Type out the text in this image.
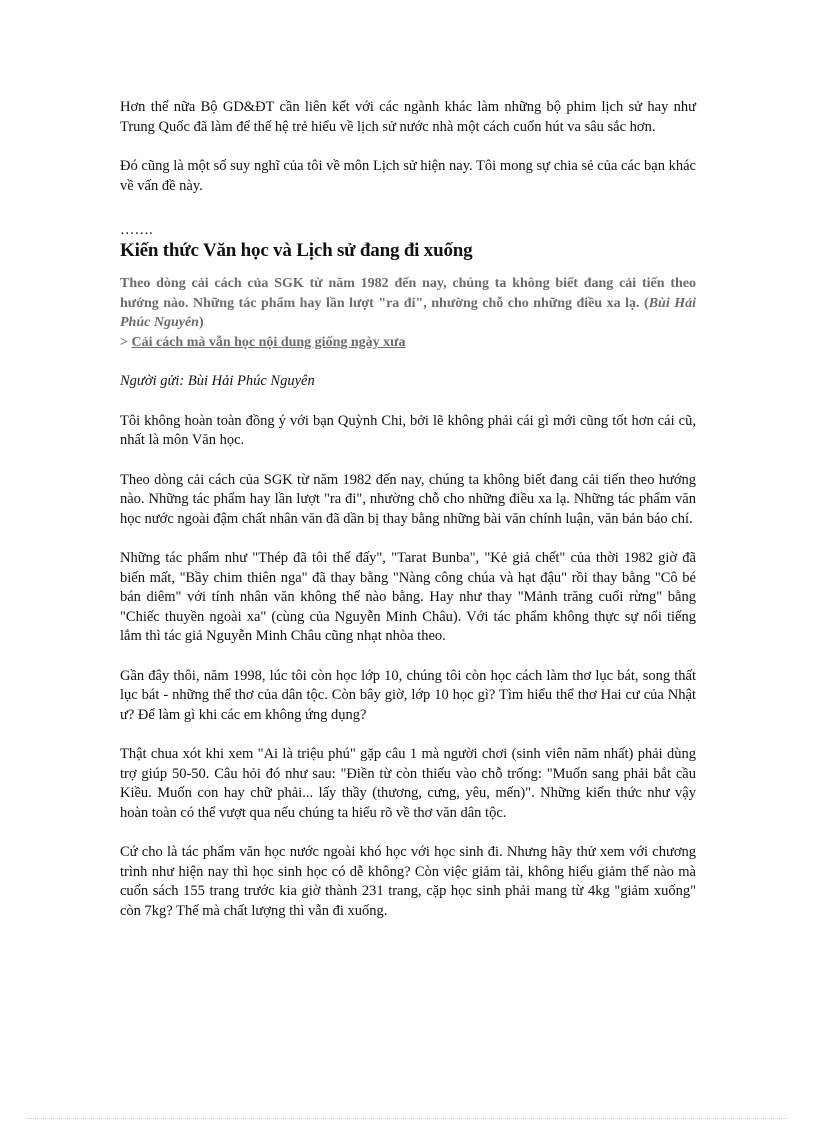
Hơn thế nữa Bộ GD&ĐT cần liên kết với các ngành khác làm những bộ phim lịch sử hay như Trung Quốc đã làm để thế hệ trẻ hiểu về lịch sử nước nhà một cách cuốn hút va sâu sắc hơn.

Đó cũng là một số suy nghĩ của tôi về môn Lịch sử hiện nay. Tôi mong sự chia sẻ của các bạn khác về vấn đề này.

…….
Kiến thức Văn học và Lịch sử đang đi xuống

Theo dòng cải cách của SGK từ năm 1982 đến nay, chúng ta không biết đang cải tiến theo hướng nào. Những tác phẩm hay lần lượt "ra đi", nhường chỗ cho những điều xa lạ. (Bùi Hải Phúc Nguyên)

> Cải cách mà vẫn học nội dung giống ngày xưa

Người gửi: Bùi Hải Phúc Nguyên

Tôi không hoàn toàn đồng ý với bạn Quỳnh Chi, bởi lẽ không phải cái gì mới cũng tốt hơn cái cũ, nhất là môn Văn học.

Theo dòng cải cách của SGK từ năm 1982 đến nay, chúng ta không biết đang cải tiến theo hướng nào. Những tác phẩm hay lần lượt "ra đi", nhường chỗ cho những điều xa lạ. Những tác phẩm văn học nước ngoài đậm chất nhân văn đã dần bị thay bằng những bài văn chính luận, văn bản báo chí.

Những tác phẩm như "Thép đã tôi thế đấy", "Tarat Bunba", "Kẻ giả chết" của thời 1982 giờ đã biến mất, "Bầy chim thiên nga" đã thay bằng "Nàng công chúa và hạt đậu" rồi thay bằng "Cô bé bán diêm" với tính nhân văn không thể nào bằng. Hay như thay "Mảnh trăng cuối rừng" bằng "Chiếc thuyền ngoài xa" (cùng của Nguyễn Minh Châu). Với tác phẩm không thực sự nổi tiếng lắm thì tác giả Nguyễn Minh Châu cũng nhạt nhòa theo.

Gần đây thôi, năm 1998, lúc tôi còn học lớp 10, chúng tôi còn học cách làm thơ lục bát, song thất lục bát - những thể thơ của dân tộc. Còn bây giờ, lớp 10 học gì? Tìm hiểu thể thơ Hai cư của Nhật ư? Để làm gì khi các em không ứng dụng?

Thật chua xót khi xem "Ai là triệu phú" gặp câu 1 mà người chơi (sinh viên năm nhất) phải dùng trợ giúp 50-50. Câu hỏi đó như sau: "Điền từ còn thiếu vào chỗ trống: "Muốn sang phải bắt cầu Kiều. Muốn con hay chữ phải... lấy thầy (thương, cưng, yêu, mến)". Những kiến thức như vậy hoàn toàn có thể vượt qua nếu chúng ta hiểu rõ về thơ văn dân tộc.

Cứ cho là tác phẩm văn học nước ngoài khó học với học sinh đi. Nhưng hãy thử xem với chương trình như hiện nay thì học sinh học có dễ không? Còn việc giảm tải, không hiểu giảm thế nào mà cuốn sách 155 trang trước kia giờ thành 231 trang, cặp học sinh phải mang từ 4kg "giảm xuống" còn 7kg? Thế mà chất lượng thì vẫn đi xuống.
